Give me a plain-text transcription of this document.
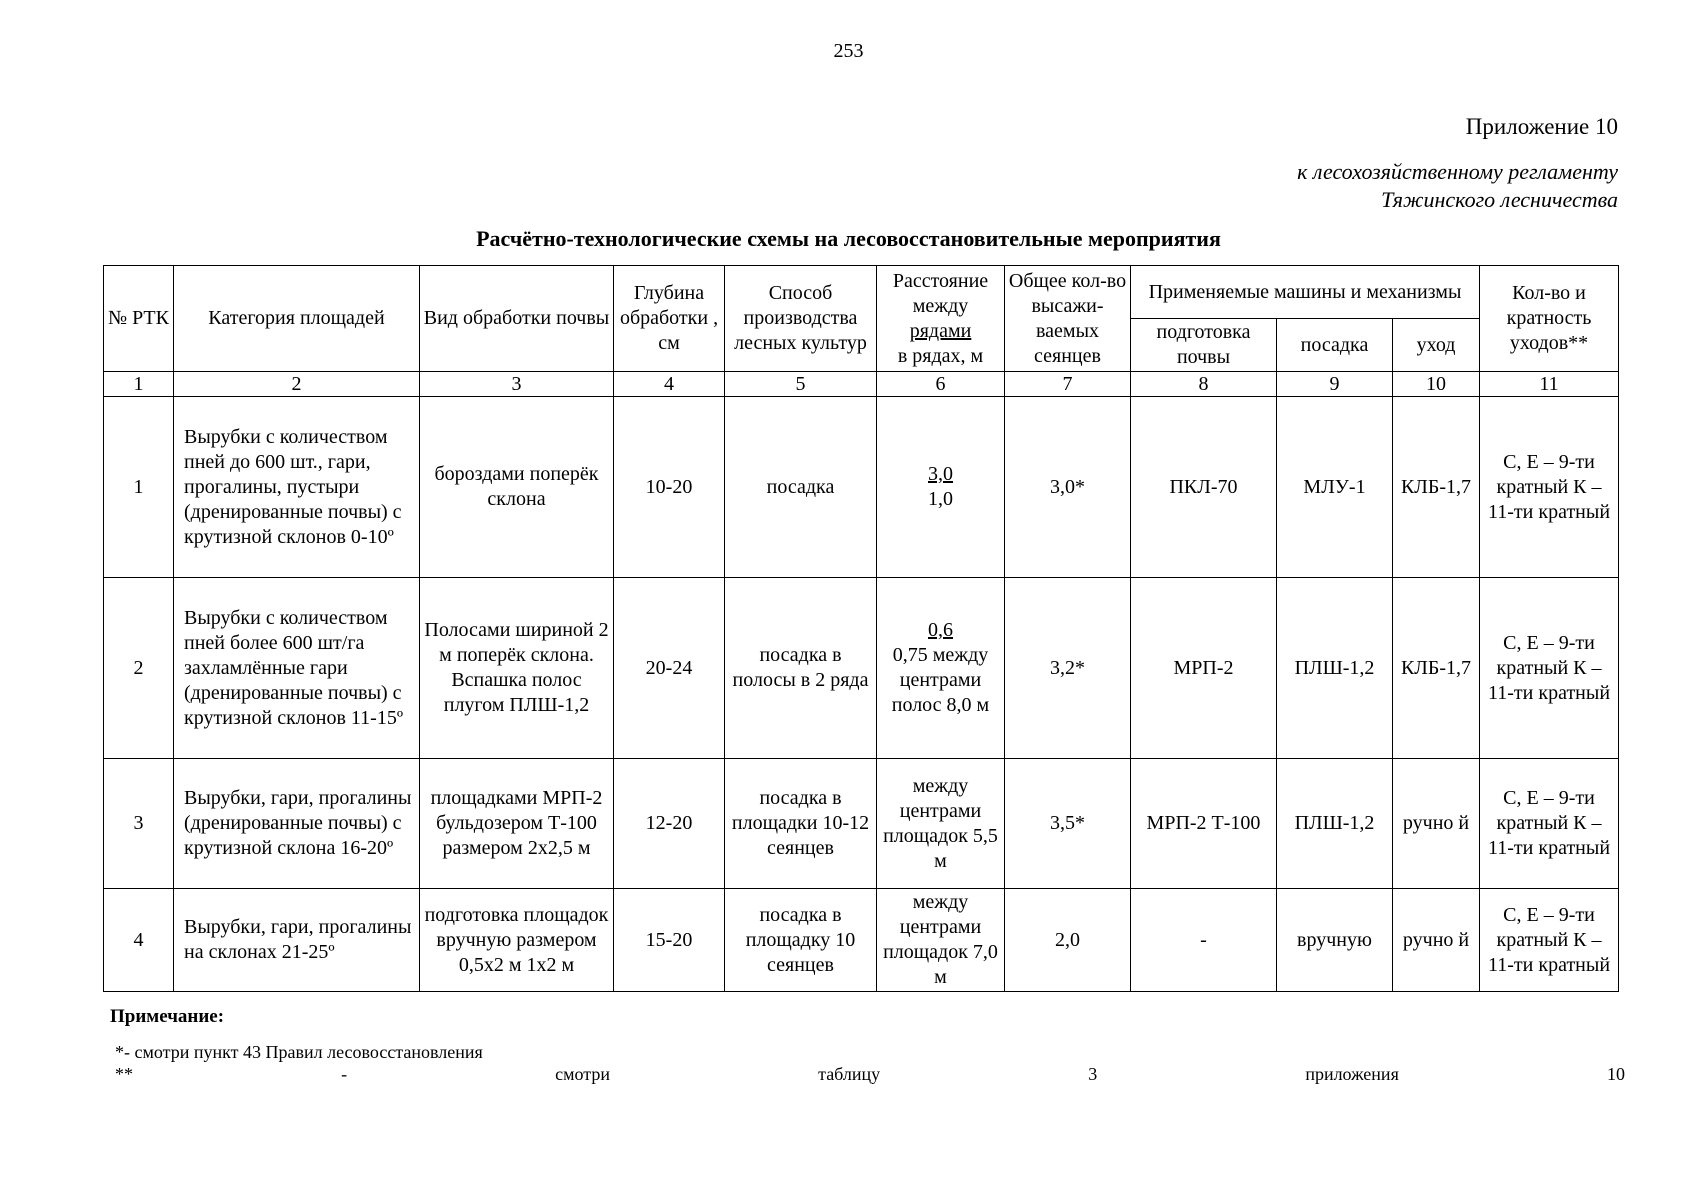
253
Приложение 10
к лесохозяйственному регламенту
Тяжинского лесничества
Расчётно-технологические схемы на лесовосстановительные мероприятия
№ РТК	Категория площадей	Вид обработки почвы	Глубина обработки , см	Способ производства лесных культур	Расстояние между
рядами
в рядах, м	Общее кол-во высажи-ваемых сеянцев	Применяемые машины и механизмы			Кол-во и кратность уходов**
							подготовка почвы	посадка	уход	
1	2	3	4	5	6	7	8	9	10	11
1	Вырубки с количеством пней до 600 шт., гари, прогалины, пустыри (дренированные почвы) с крутизной склонов 0-10º	бороздами поперёк склона	10-20	посадка	3,0
1,0	3,0*	ПКЛ-70	МЛУ-1	КЛБ-1,7	С, Е – 9-ти кратный К – 11-ти кратный
2	Вырубки с количеством пней более 600 шт/га захламлённые гари (дренированные почвы) с крутизной склонов 11-15º	Полосами шириной 2 м поперёк склона. Вспашка полос плугом ПЛШ-1,2	20-24	посадка в полосы в 2 ряда	0,6
0,75 между центрами полос 8,0 м	3,2*	МРП-2	ПЛШ-1,2	КЛБ-1,7	С, Е – 9-ти кратный К – 11-ти кратный
3	Вырубки, гари, прогалины (дренированные почвы) с крутизной склона 16-20º	площадками МРП-2 бульдозером Т-100 размером 2х2,5 м	12-20	посадка в площадки 10-12 сеянцев	между центрами площадок 5,5 м	3,5*	МРП-2 Т-100	ПЛШ-1,2	ручно й	С, Е – 9-ти кратный К – 11-ти кратный
4	Вырубки, гари, прогалины на склонах 21-25º	подготовка площадок вручную размером 0,5х2 м 1х2 м	15-20	посадка в площадку 10 сеянцев	между центрами площадок 7,0 м	2,0	-	вручную	ручно й	С, Е – 9-ти кратный К – 11-ти кратный
Примечание:
*- смотри пункт 43 Правил лесовосстановления
**	-	смотри	таблицу	3	приложения	10
